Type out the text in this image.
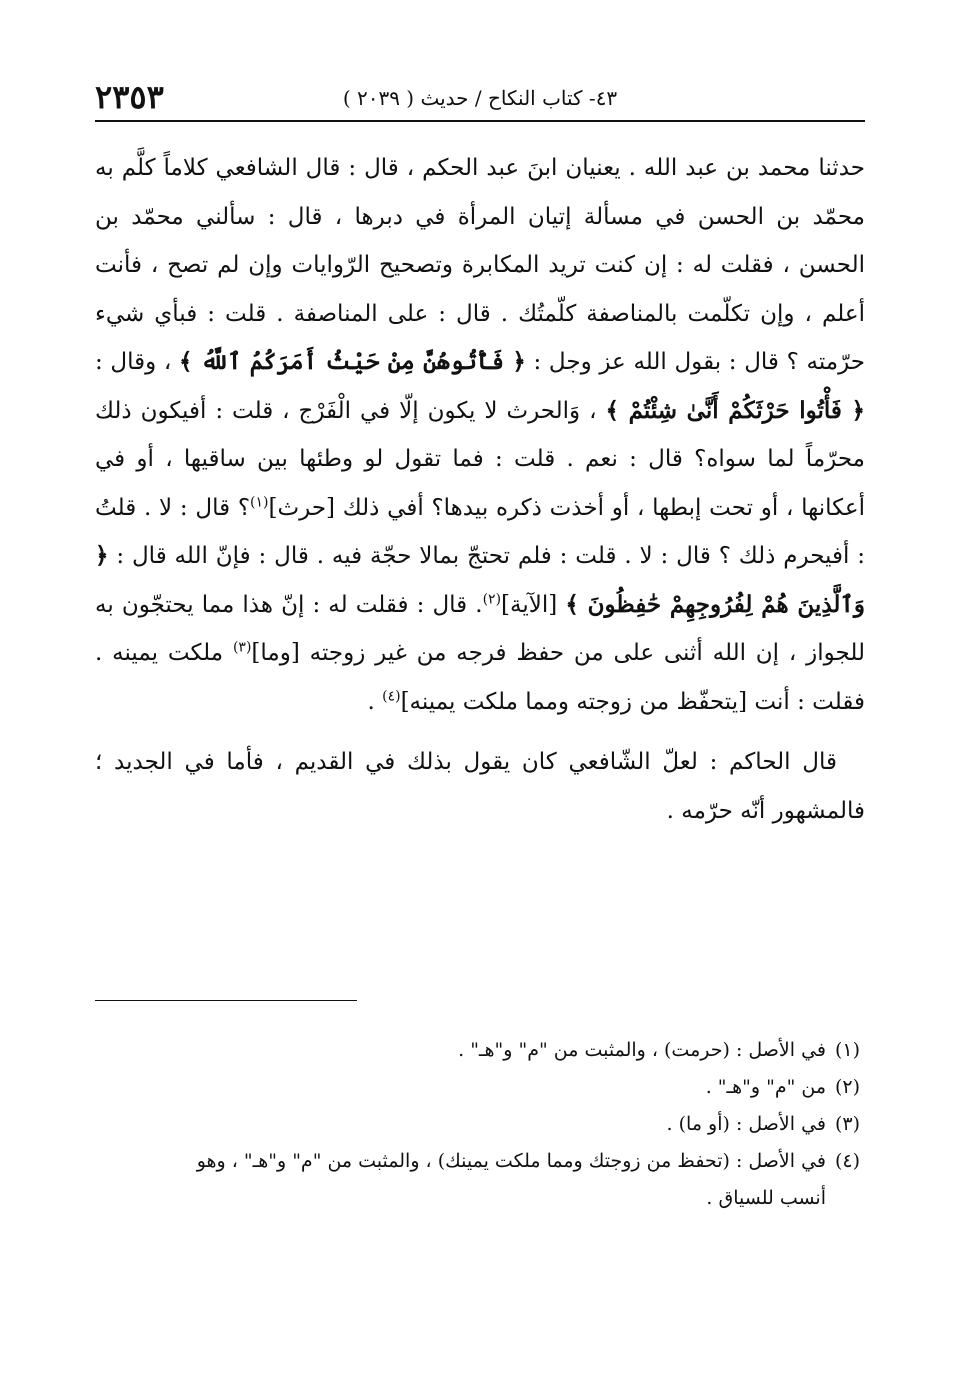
٢٣٥٣	٤٣- كتاب النكاح / حديث ( ٢٠٣٩ )

حدثنا محمد بن عبد الله . يعنيان ابنَ عبد الحكم ، قال : قال الشافعي كلاماً كلَّم به محمّد بن الحسن في مسألة إتيان المرأة في دبرها ، قال : سألني محمّد بن الحسن ، فقلت له : إن كنت تريد المكابرة وتصحيح الرّوايات وإن لم تصح ، فأنت أعلم ، وإن تكلّمت بالمناصفة كلّمتُك . قال : على المناصفة . قلت : فبأي شيء حرّمته ؟ قال : بقول الله عز وجل : ﴿ فَأْتُوهُنَّ مِنْ حَيْثُ أَمَرَكُمُ ٱللَّهُ ﴾ ، وقال : ﴿ فَأْتُوا حَرْثَكُمْ أَنَّىٰ شِئْتُمْ ﴾ ، وَالحرث لا يكون إلّا في الْفَرْج ، قلت : أفيكون ذلك محرّماً لما سواه؟ قال : نعم . قلت : فما تقول لو وطئها بين ساقيها ، أو في أعكانها ، أو تحت إبطها ، أو أخذت ذكره بيدها؟ أفي ذلك [حرث]$^{(١)}$؟ قال : لا . قلتُ : أفيحرم ذلك ؟ قال : لا . قلت : فلم تحتجّ بمالا حجّة فيه . قال : فإنّ الله قال : ﴿ وَٱلَّذِينَ هُمْ لِفُرُوجِهِمْ حَٰفِظُونَ ﴾ [الآية]$^{(٢)}$. قال : فقلت له : إنّ هذا مما يحتجّون به للجواز ، إن الله أثنى على من حفظ فرجه من غير زوجته [وما]$^{(٣)}$ ملكت يمينه . فقلت : أنت [يتحفّظ من زوجته ومما ملكت يمينه]$^{(٤)}$ .

قال الحاكم : لعلّ الشّافعي كان يقول بذلك في القديم ، فأما في الجديد ؛ فالمشهور أنّه حرّمه .

(١)في الأصل : (حرمت) ، والمثبت من "م" و"هـ" .
(٢)من "م" و"هـ" .
(٣)في الأصل : (أو ما) .
(٤)في الأصل : (تحفظ من زوجتك ومما ملكت يمينك) ، والمثبت من "م" و"هـ" ، وهو
أنسب للسياق .
